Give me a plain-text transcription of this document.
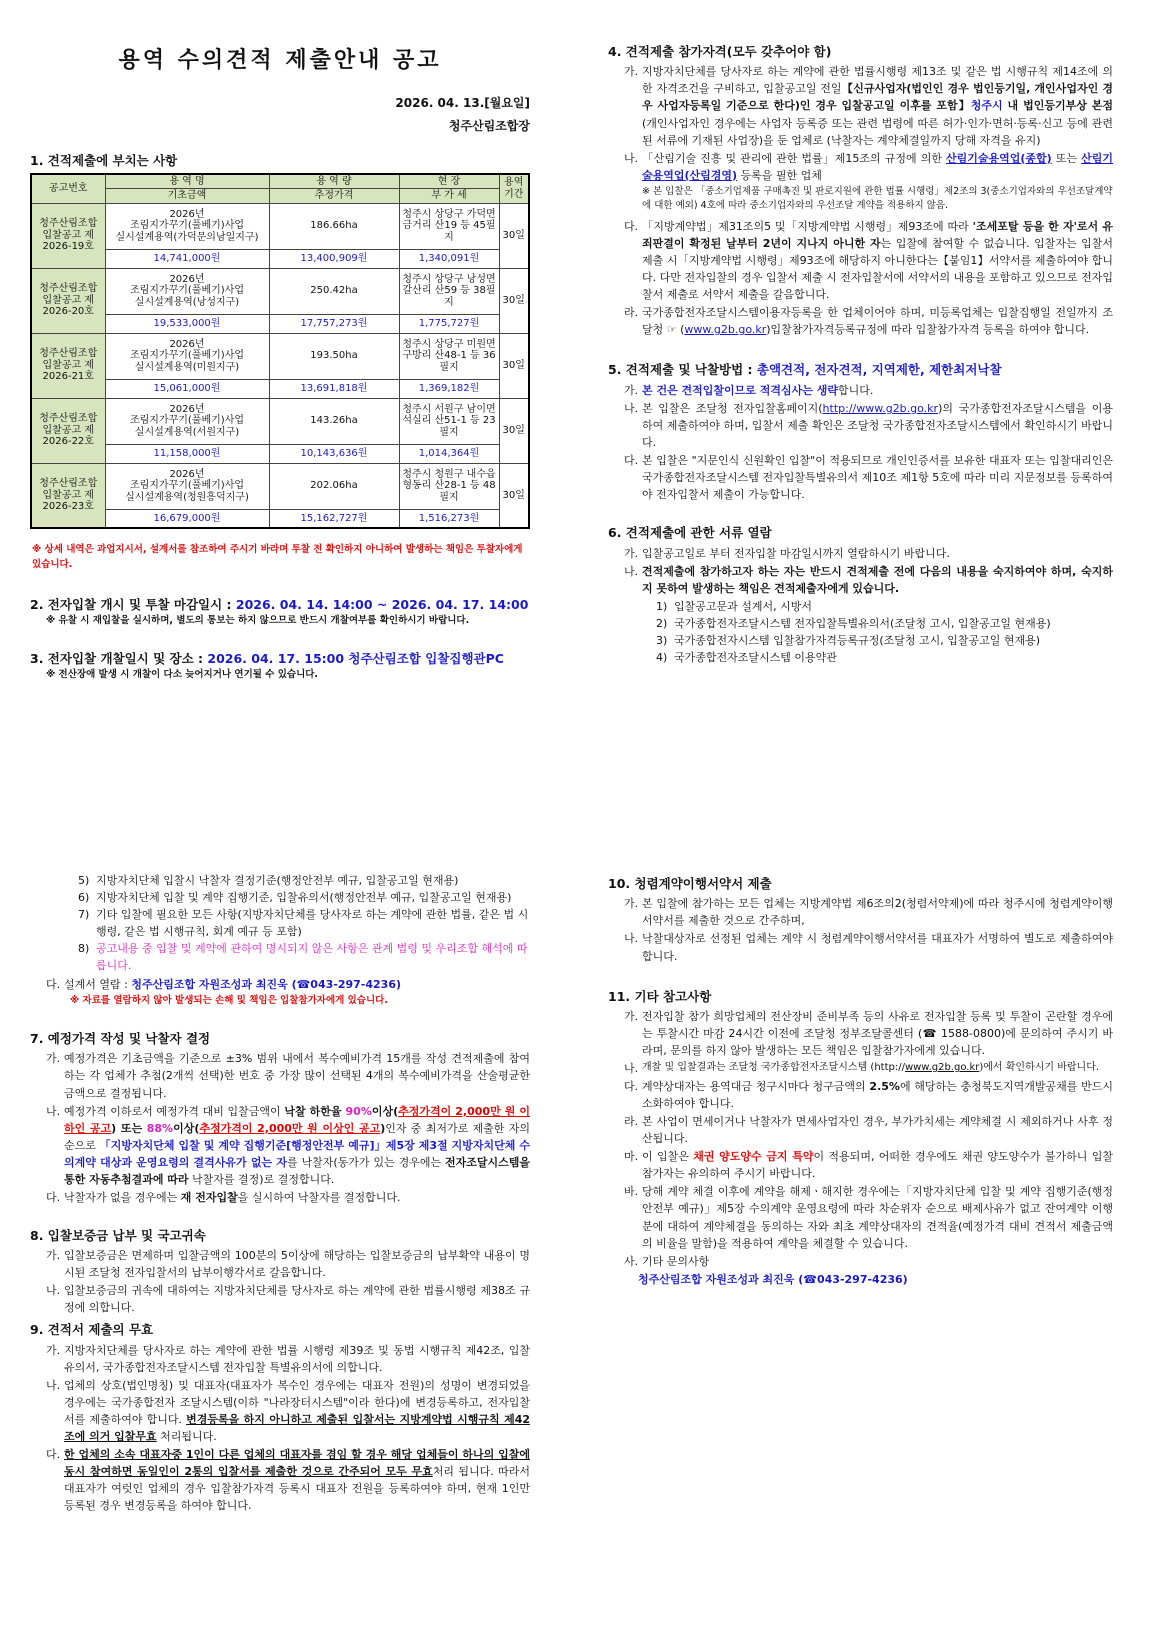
용역 수의견적 제출안내 공고
2026. 04. 13.[월요일]
청주산림조합장
1. 견적제출에 부치는 사항
공고번호	용 역 명	용 역 량	현 장	용역기간
	기초금액	추정가격	부 가 세	
청주산림조합 입찰공고 제2026-19호	2026년
조림지가꾸기(풀베기)사업
실시설계용역(가덕문의남일지구)	186.66ha	청주시 상당구 가덕면 금거리 산19 등 45필지	30일
	14,741,000원	13,400,909원	1,340,091원	
청주산림조합 입찰공고 제2026-20호	2026년
조림지가꾸기(풀베기)사업
실시설계용역(낭성지구)	250.42ha	청주시 상당구 낭성면 갈산리 산59 등 38필지	30일
	19,533,000원	17,757,273원	1,775,727원	
청주산림조합 입찰공고 제2026-21호	2026년
조림지가꾸기(풀베기)사업
실시설계용역(미원지구)	193.50ha	청주시 상당구 미원면 구방리 산48-1 등 36필지	30일
	15,061,000원	13,691,818원	1,369,182원	
청주산림조합 입찰공고 제2026-22호	2026년
조림지가꾸기(풀베기)사업
실시설계용역(서원지구)	143.26ha	청주시 서원구 남이면 석실리 산51-1 등 23필지	30일
	11,158,000원	10,143,636원	1,014,364원	
청주산림조합 입찰공고 제2026-23호	2026년
조림지가꾸기(풀베기)사업
실시설계용역(청원흥덕지구)	202.06ha	청주시 청원구 내수읍 형동리 산28-1 등 48필지	30일
	16,679,000원	15,162,727원	1,516,273원	
※ 상세 내역은 과업지시서, 설계서를 참조하여 주시기 바라며 투찰 전 확인하지 아니하여 발생하는 책임은 투찰자에게 있습니다.
2. 전자입찰 개시 및 투찰 마감일시 : 2026. 04. 14. 14:00 ~ 2026. 04. 17. 14:00
※ 유찰 시 재입찰을 실시하며, 별도의 통보는 하지 않으므로 반드시 개찰여부를 확인하시기 바랍니다.
3. 전자입찰 개찰일시 및 장소 : 2026. 04. 17. 15:00 청주산림조합 입찰집행관PC
※ 전산장애 발생 시 개찰이 다소 늦어지거나 연기될 수 있습니다.
4. 견적제출 참가자격(모두 갖추어야 함)
가. 지방자치단체를 당사자로 하는 계약에 관한 법률시행령 제13조 및 같은 법 시행규칙 제14조에 의한 자격조건을 구비하고, 입찰공고일 전일【신규사업자(법인인 경우 법인등기일, 개인사업자인 경우 사업자등록일 기준으로 한다)인 경우 입찰공고일 이후를 포함】청주시 내 법인등기부상 본점(개인사업자인 경우에는 사업자 등록증 또는 관련 법령에 따른 허가·인가·면허·등록·신고 등에 관련된 서류에 기재된 사업장)을 둔 업체로 (낙찰자는 계약체결일까지 당해 자격을 유지)
나. 「산림기술 진흥 및 관리에 관한 법률」제15조의 규정에 의한 산림기술용역업(종합) 또는 산림기술용역업(산림경영) 등록을 필한 업체
※ 본 입찰은 「중소기업제품 구매촉진 및 판로지원에 관한 법률 시행령」제2조의 3(중소기업자와의 우선조달계약에 대한 예외) 4호에 따라 중소기업자와의 우선조달 계약을 적용하지 않음.
다. 「지방계약법」제31조의5 및「지방계약법 시행령」제93조에 따라 '조세포탈 등을 한 자'로서 유죄판결이 확정된 날부터 2년이 지나지 아니한 자는 입찰에 참여할 수 없습니다. 입찰자는 입찰서 제출 시「지방계약법 시행령」제93조에 해당하지 아니한다는【붙임1】서약서를 제출하여야 합니다. 다만 전자입찰의 경우 입찰서 제출 시 전자입찰서에 서약서의 내용을 포함하고 있으므로 전자입찰서 제출로 서약서 제출을 갈음합니다.
라. 국가종합전자조달시스템이용자등록을 한 업체이어야 하며, 미등록업체는 입찰집행일 전일까지 조달청 ☞ (www.g2b.go.kr)입찰참가자격등록규정에 따라 입찰참가자격 등록을 하여야 합니다.
5. 견적제출 및 낙찰방법 : 총액견적, 전자견적, 지역제한, 제한최저낙찰
가. 본 건은 견적입찰이므로 적격심사는 생략합니다.
나. 본 입찰은 조달청 전자입찰홈페이지(http://www.g2b.go.kr)의 국가종합전자조달시스템을 이용하여 제출하여야 하며, 입찰서 제출 확인은 조달청 국가종합전자조달시스템에서 확인하시기 바랍니다.
다. 본 입찰은 "지문인식 신원확인 입찰"이 적용되므로 개인인증서를 보유한 대표자 또는 입찰대리인은 국가종합전자조달시스템 전자입찰특별유의서 제10조 제1항 5호에 따라 미리 지문정보를 등록하여야 전자입찰서 제출이 가능합니다.
6. 견적제출에 관한 서류 열람
가. 입찰공고일로 부터 전자입찰 마감일시까지 열람하시기 바랍니다.
나. 견적제출에 참가하고자 하는 자는 반드시 견적제출 전에 다음의 내용을 숙지하여야 하며, 숙지하지 못하여 발생하는 책임은 견적제출자에게 있습니다.
1) 입찰공고문과 설계서, 시방서
2) 국가종합전자조달시스템 전자입찰특별유의서(조달청 고시, 입찰공고일 현재용)
3) 국가종합전자시스템 입찰참가자격등록규정(조달청 고시, 입찰공고일 현재용)
4) 국가종합전자조달시스템 이용약관
5) 지방자치단체 입찰시 낙찰자 결정기준(행정안전부 예규, 입찰공고일 현재용)
6) 지방자치단체 입찰 및 계약 집행기준, 입찰유의서(행정안전부 예규, 입찰공고일 현재용)
7) 기타 입찰에 필요한 모든 사항(지방자치단체를 당사자로 하는 계약에 관한 법률, 같은 법 시행령, 같은 법 시행규칙, 회계 예규 등 포함)
8) 공고내용 중 입찰 및 계약에 관하여 명시되지 않은 사항은 관계 법령 및 우리조합 해석에 따릅니다.
다. 설계서 열람 : 청주산림조합 자원조성과 최진욱 (☎043-297-4236)
※ 자료를 열람하지 않아 발생되는 손해 및 책임은 입찰참가자에게 있습니다.
7. 예정가격 작성 및 낙찰자 결정
가. 예정가격은 기초금액을 기준으로 ±3% 범위 내에서 복수예비가격 15개를 작성 견적제출에 참여하는 각 업체가 추첨(2개씩 선택)한 번호 중 가장 많이 선택된 4개의 복수예비가격을 산술평균한 금액으로 결정됩니다.
나. 예정가격 이하로서 예정가격 대비 입찰금액이 낙찰 하한율 90%이상(추정가격이 2,000만 원 이하인 공고) 또는 88%이상(추정가격이 2,000만 원 이상인 공고)인자 중 최저가로 제출한 자의 순으로 「지방자치단체 입찰 및 계약 집행기준[행정안전부 예규]」제5장 제3절 지방자치단체 수의계약 대상과 운영요령의 결격사유가 없는 자를 낙찰자(동가가 있는 경우에는 전자조달시스템을 통한 자동추첨결과에 따라 낙찰자를 결정)로 결정합니다.
다. 낙찰자가 없을 경우에는 재 전자입찰을 실시하여 낙찰자를 결정합니다.
8. 입찰보증금 납부 및 국고귀속
가. 입찰보증금은 면제하며 입찰금액의 100분의 5이상에 해당하는 입찰보증금의 납부확약 내용이 명시된 조달청 전자입찰서의 납부이행각서로 갈음합니다.
나. 입찰보증금의 귀속에 대하여는 지방자치단체를 당사자로 하는 계약에 관한 법률시행령 제38조 규정에 의합니다.
9. 견적서 제출의 무효
가. 지방자치단체를 당사자로 하는 계약에 관한 법률 시행령 제39조 및 동법 시행규칙 제42조, 입찰유의서, 국가종합전자조달시스템 전자입찰 특별유의서에 의합니다.
나. 업체의 상호(법인명칭) 및 대표자(대표자가 복수인 경우에는 대표자 전원)의 성명이 변경되었을 경우에는 국가종합전자 조달시스템(이하 "나라장터시스템"이라 한다)에 변경등록하고, 전자입찰서를 제출하여야 합니다. 변경등록을 하지 아니하고 제출된 입찰서는 지방계약법 시행규칙 제42조에 의거 입찰무효 처리됩니다.
다. 한 업체의 소속 대표자중 1인이 다른 업체의 대표자를 겸임 할 경우 해당 업체들이 하나의 입찰에 동시 참여하면 동일인이 2통의 입찰서를 제출한 것으로 간주되어 모두 무효처리 됩니다. 따라서 대표자가 여럿인 업체의 경우 입찰참가자격 등록시 대표자 전원을 등록하여야 하며, 현재 1인만 등록된 경우 변경등록을 하여야 합니다.
10. 청렴계약이행서약서 제출
가. 본 입찰에 참가하는 모든 업체는 지방계약법 제6조의2(청렴서약제)에 따라 청주시에 청렴계약이행서약서를 제출한 것으로 간주하며,
나. 낙찰대상자로 선정된 업체는 계약 시 청렴계약이행서약서를 대표자가 서명하여 별도로 제출하여야 합니다.
11. 기타 참고사항
가. 전자입찰 참가 희망업체의 전산장비 준비부족 등의 사유로 전자입찰 등록 및 투찰이 곤란할 경우에는 투찰시간 마감 24시간 이전에 조달청 정부조달콜센터 (☎ 1588-0800)에 문의하여 주시기 바라며, 문의를 하지 않아 발생하는 모든 책임은 입찰참가자에게 있습니다.
나. 개찰 및 입찰결과는 조달청 국가종합전자조달시스템 (http://www.g2b.go.kr)에서 확인하시기 바랍니다.
다. 계약상대자는 용역대금 청구시마다 청구금액의 2.5%에 해당하는 충청북도지역개발공채를 반드시 소화하여야 합니다.
라. 본 사업이 면세이거나 낙찰자가 면세사업자인 경우, 부가가치세는 계약체결 시 제외하거나 사후 정산됩니다.
마. 이 입찰은 채권 양도양수 금지 특약이 적용되며, 어떠한 경우에도 채권 양도양수가 불가하니 입찰 참가자는 유의하여 주시기 바랍니다.
바. 당해 계약 체결 이후에 계약을 해제ㆍ해지한 경우에는「지방자치단체 입찰 및 계약 집행기준(행정안전부 예규)」제5장 수의계약 운영요령에 따라 차순위자 순으로 배제사유가 없고 잔여계약 이행분에 대하여 계약체결을 동의하는 자와 최초 계약상대자의 견적율(예정가격 대비 견적서 제출금액의 비율을 말함)을 적용하여 계약을 체결할 수 있습니다.
사. 기타 문의사항
청주산림조합 자원조성과 최진욱 (☎043-297-4236)
